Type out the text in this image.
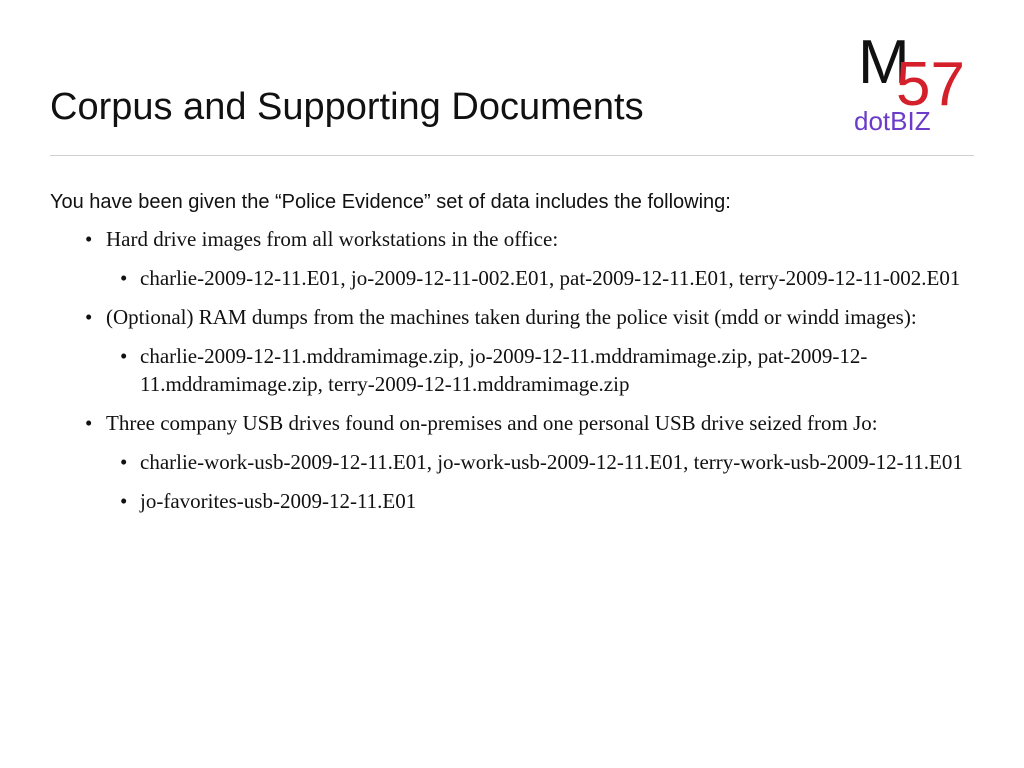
Corpus and Supporting Documents
M
57
dotBIZ

You have been given the “Police Evidence” set of data includes the following:

• Hard drive images from all workstations in the office:
• charlie-2009-12-11.E01, jo-2009-12-11-002.E01, pat-2009-12-11.E01, terry-2009-12-11-002.E01
• (Optional) RAM dumps from the machines taken during the police visit (mdd or windd images):
• charlie-2009-12-11.mddramimage.zip, jo-2009-12-11.mddramimage.zip, pat-2009-12-11.mddramimage.zip, terry-2009-12-11.mddramimage.zip
• Three company USB drives found on-premises and one personal USB drive seized from Jo:
• charlie-work-usb-2009-12-11.E01, jo-work-usb-2009-12-11.E01, terry-work-usb-2009-12-11.E01
• jo-favorites-usb-2009-12-11.E01
